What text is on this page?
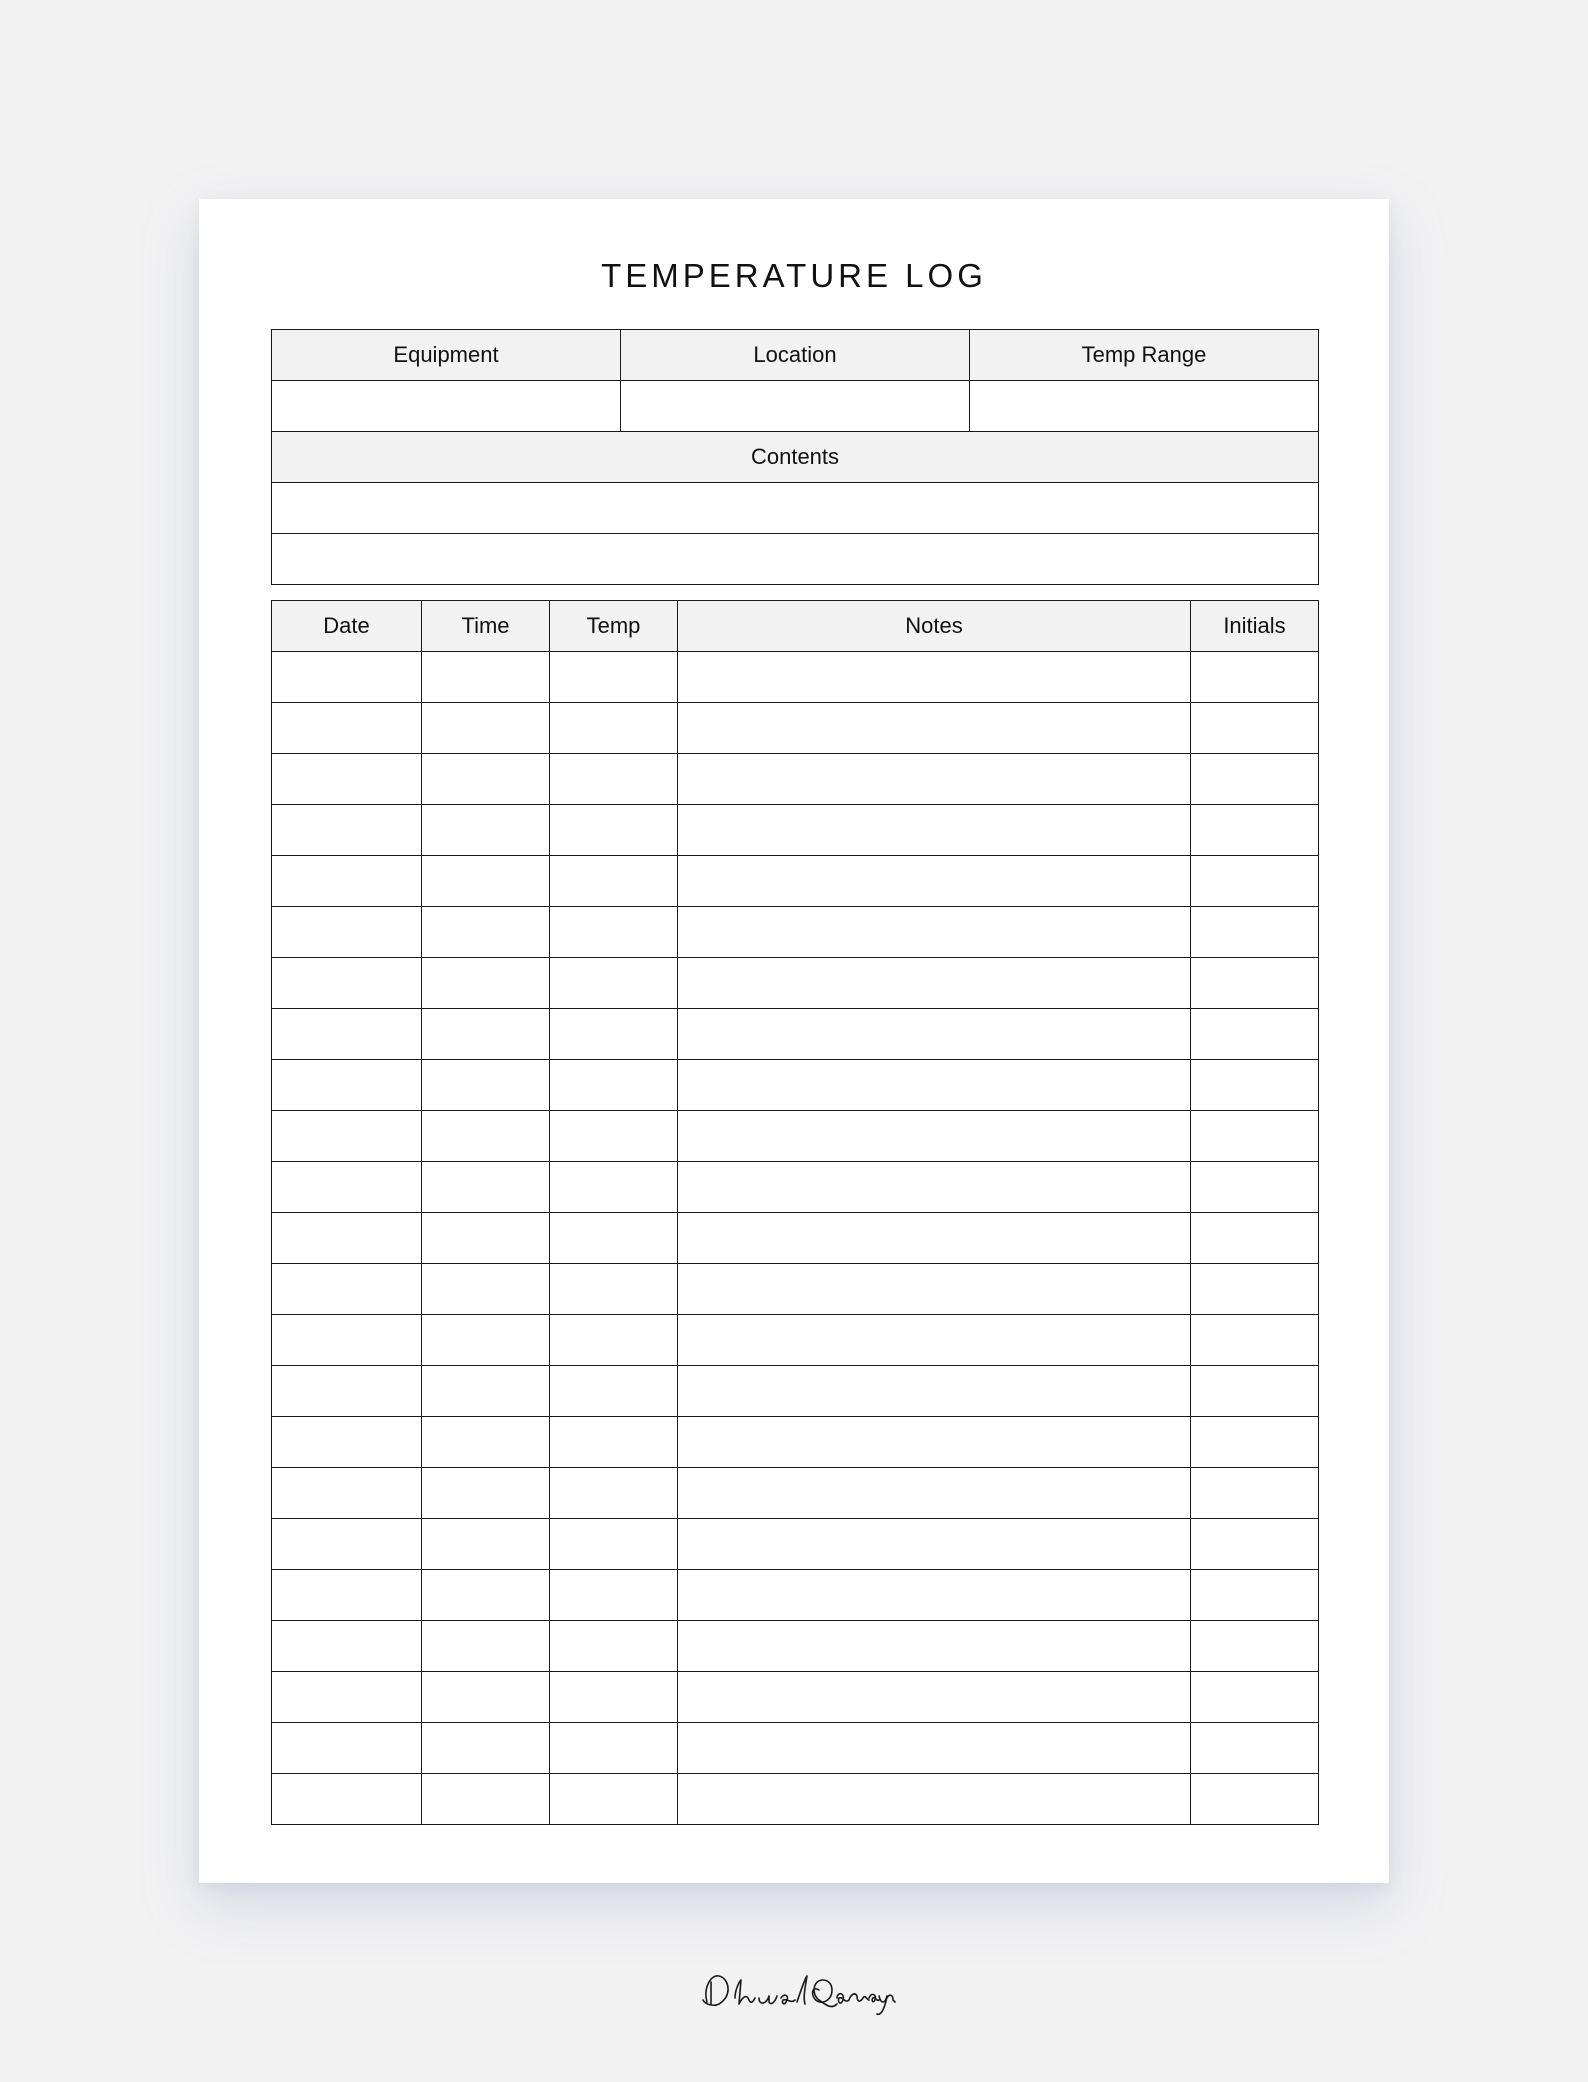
TEMPERATURE LOG
Equipment	Location	Temp Range

Contents		

Date	Time	Temp	Notes	Initials
